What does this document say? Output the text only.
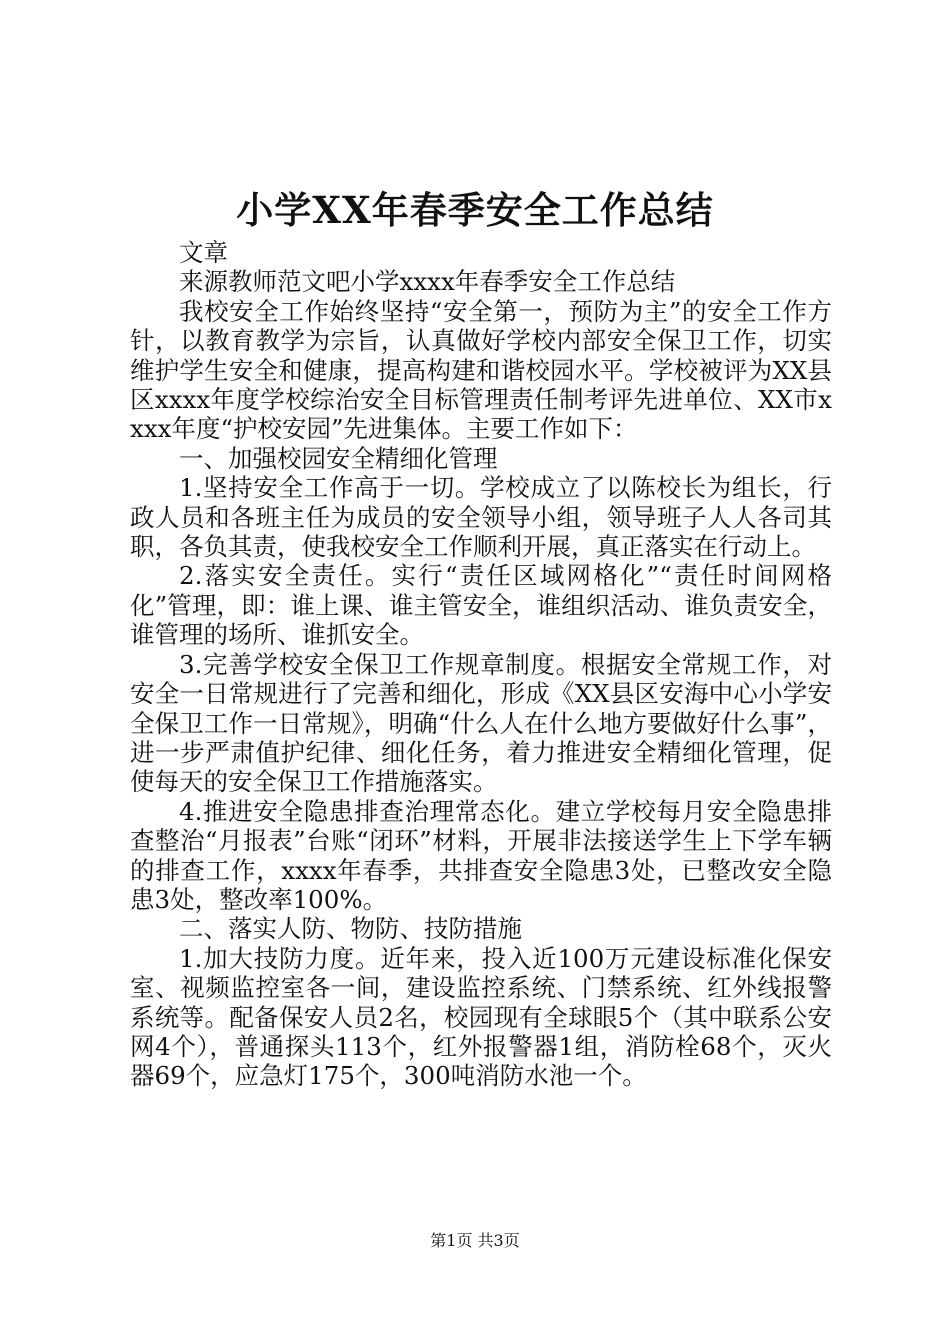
小学XX年春季安全工作总结

文章

来源教师范文吧小学xxxx年春季安全工作总结

我校安全工作始终坚持“安全第一，预防为主”的安全工作方针，以教育教学为宗旨，认真做好学校内部安全保卫工作，切实维护学生安全和健康，提高构建和谐校园水平。学校被评为XX县区xxxx年度学校综治安全目标管理责任制考评先进单位、XX市xxxx年度“护校安园”先进集体。主要工作如下：

一、加强校园安全精细化管理

1.坚持安全工作高于一切。学校成立了以陈校长为组长，行政人员和各班主任为成员的安全领导小组，领导班子人人各司其职，各负其责，使我校安全工作顺利开展，真正落实在行动上。

2.落实安全责任。实行“责任区域网格化”“责任时间网格化”管理，即：谁上课、谁主管安全，谁组织活动、谁负责安全，谁管理的场所、谁抓安全。

3.完善学校安全保卫工作规章制度。根据安全常规工作，对安全一日常规进行了完善和细化，形成《XX县区安海中心小学安全保卫工作一日常规》，明确“什么人在什么地方要做好什么事”，进一步严肃值护纪律、细化任务，着力推进安全精细化管理，促使每天的安全保卫工作措施落实。

4.推进安全隐患排查治理常态化。建立学校每月安全隐患排查整治“月报表”台账“闭环”材料，开展非法接送学生上下学车辆的排查工作，xxxx年春季，共排查安全隐患3处，已整改安全隐患3处，整改率100%。

二、落实人防、物防、技防措施

1.加大技防力度。近年来，投入近100万元建设标准化保安室、视频监控室各一间，建设监控系统、门禁系统、红外线报警系统等。配备保安人员2名，校园现有全球眼5个（其中联系公安网4个），普通探头113个，红外报警器1组，消防栓68个，灭火器69个，应急灯175个，300吨消防水池一个。

第1页 共3页
